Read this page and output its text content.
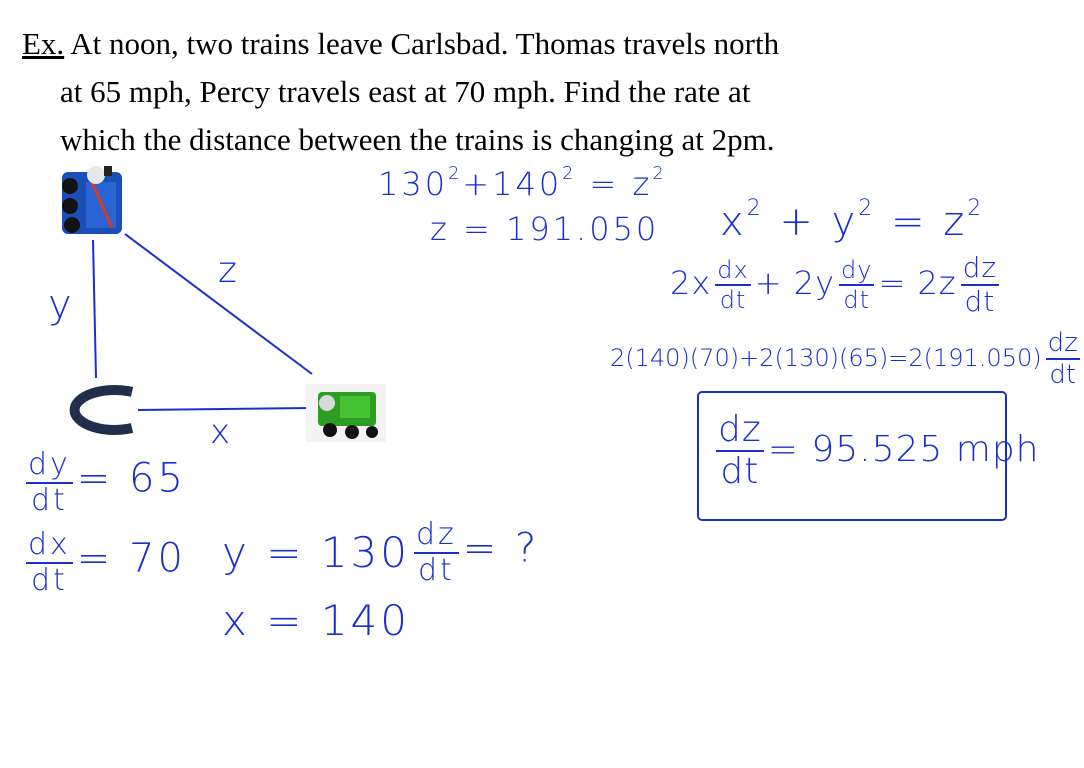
Ex. At noon, two trains leave Carlsbad. Thomas travels north
at 65 mph, Percy travels east at 70 mph. Find the rate at
which the distance between the trains is changing at 2pm.
y
z
x
$130^2+140^2 = z^2$
z = 191.050
$\frac{dy}{dt} = 65$
$\frac{dx}{dt} = 70$ y = 130
x = 140
$\frac{dz}{dt}$ = ?
$x^2 + y^2 = z^2$
$2x \frac{dx}{dt} + 2y \frac{dy}{dt} = 2z \frac{dz}{dt}$
$2(140)(70)+2(130)(65)=2(191.050) \frac{dz}{dt}$
$\frac{dz}{dt} = 95.525$ mph
